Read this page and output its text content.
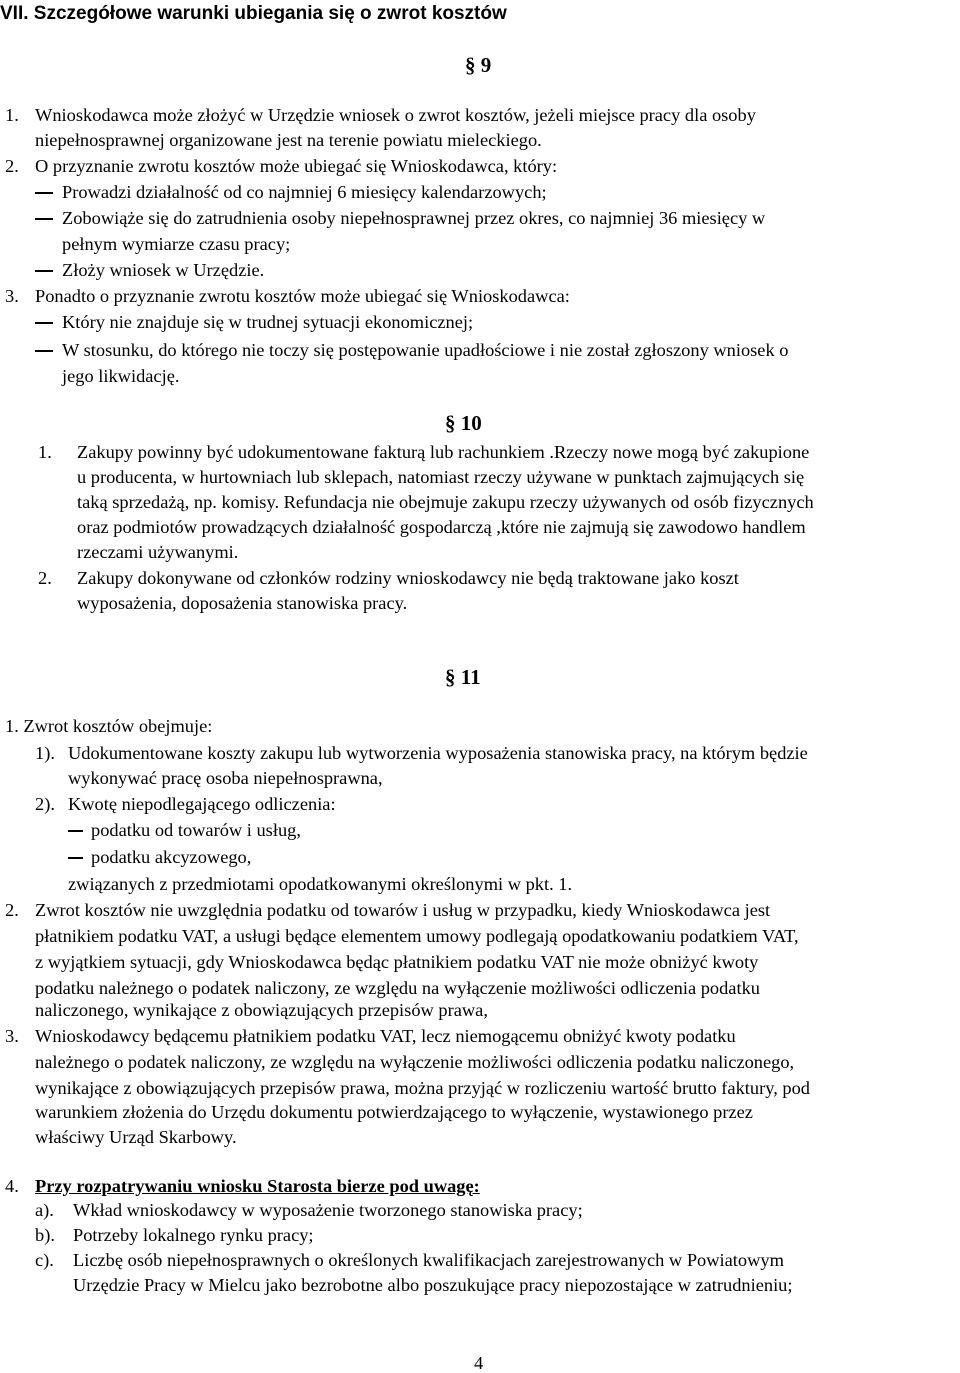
VII. Szczegółowe warunki ubiegania się o zwrot kosztów
§ 9
1. Wnioskodawca może złożyć w Urzędzie wniosek o zwrot kosztów, jeżeli miejsce pracy dla osoby
niepełnosprawnej organizowane jest na terenie powiatu mieleckiego.
2. O przyznanie zwrotu kosztów może ubiegać się Wnioskodawca, który:
Prowadzi działalność od co najmniej 6 miesięcy kalendarzowych;
Zobowiąże się do zatrudnienia osoby niepełnosprawnej przez okres, co najmniej 36 miesięcy w
pełnym wymiarze czasu pracy;
Złoży wniosek w Urzędzie.
3. Ponadto o przyznanie zwrotu kosztów może ubiegać się Wnioskodawca:
Który nie znajduje się w trudnej sytuacji ekonomicznej;
W stosunku, do którego nie toczy się postępowanie upadłościowe i nie został zgłoszony wniosek o
jego likwidację.
§ 10
1. Zakupy powinny być udokumentowane fakturą lub rachunkiem .Rzeczy nowe mogą być zakupione
u producenta, w hurtowniach lub sklepach, natomiast rzeczy używane w punktach zajmujących się
taką sprzedażą, np. komisy. Refundacja nie obejmuje zakupu rzeczy używanych od osób fizycznych
oraz podmiotów prowadzących działalność gospodarczą ,które nie zajmują się zawodowo handlem
rzeczami używanymi.
2. Zakupy dokonywane od członków rodziny wnioskodawcy nie będą traktowane jako koszt
wyposażenia, doposażenia stanowiska pracy.
§ 11
1. Zwrot kosztów obejmuje:
1). Udokumentowane koszty zakupu lub wytworzenia wyposażenia stanowiska pracy, na którym będzie
wykonywać pracę osoba niepełnosprawna,
2). Kwotę niepodlegającego odliczenia:
podatku od towarów i usług,
podatku akcyzowego,
związanych z przedmiotami opodatkowanymi określonymi w pkt. 1.
2. Zwrot kosztów nie uwzględnia podatku od towarów i usług w przypadku, kiedy Wnioskodawca jest
płatnikiem podatku VAT, a usługi będące elementem umowy podlegają opodatkowaniu podatkiem VAT,
z wyjątkiem sytuacji, gdy Wnioskodawca będąc płatnikiem podatku VAT nie może obniżyć kwoty
podatku należnego o podatek naliczony, ze względu na wyłączenie możliwości odliczenia podatku
naliczonego, wynikające z obowiązujących przepisów prawa,
3. Wnioskodawcy będącemu płatnikiem podatku VAT, lecz niemogącemu obniżyć kwoty podatku
należnego o podatek naliczony, ze względu na wyłączenie możliwości odliczenia podatku naliczonego,
wynikające z obowiązujących przepisów prawa, można przyjąć w rozliczeniu wartość brutto faktury, pod
warunkiem złożenia do Urzędu dokumentu potwierdzającego to wyłączenie, wystawionego przez
właściwy Urząd Skarbowy.
4. Przy rozpatrywaniu wniosku Starosta bierze pod uwagę:
a). Wkład wnioskodawcy w wyposażenie tworzonego stanowiska pracy;
b). Potrzeby lokalnego rynku pracy;
c). Liczbę osób niepełnosprawnych o określonych kwalifikacjach zarejestrowanych w Powiatowym
Urzędzie Pracy w Mielcu jako bezrobotne albo poszukujące pracy niepozostające w zatrudnieniu;
4
